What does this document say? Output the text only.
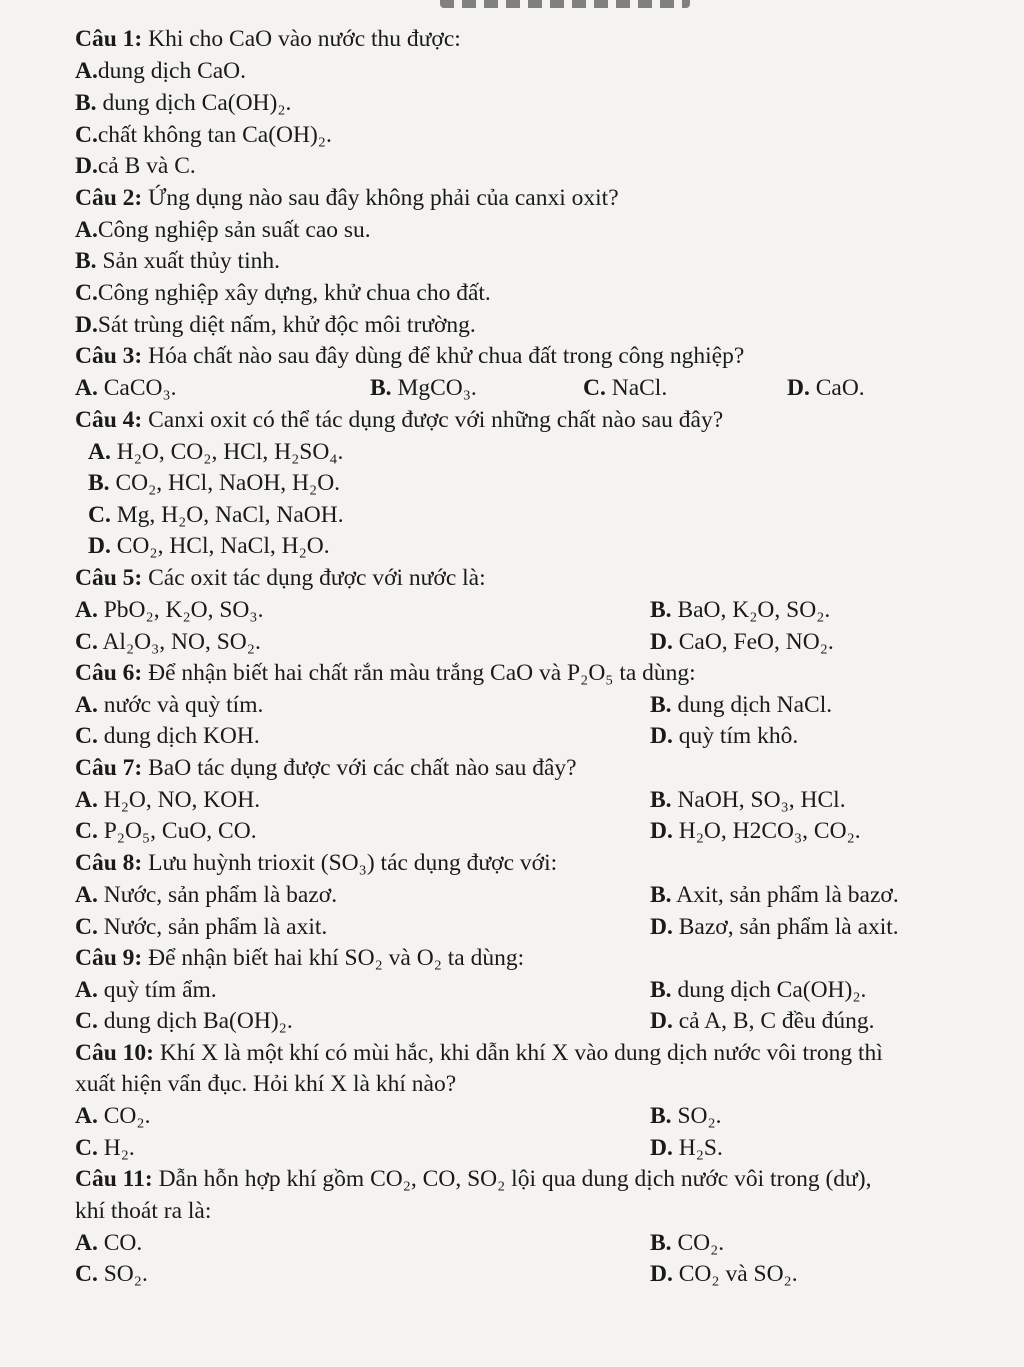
Câu 1: Khi cho CaO vào nước thu được:
A.dung dịch CaO.
B. dung dịch Ca(OH)₂.
C.chất không tan Ca(OH)₂.
D.cả B và C.
Câu 2: Ứng dụng nào sau đây không phải của canxi oxit?
A.Công nghiệp sản suất cao su.
B. Sản xuất thủy tinh.
C.Công nghiệp xây dựng, khử chua cho đất.
D.Sát trùng diệt nấm, khử độc môi trường.
Câu 3: Hóa chất nào sau đây dùng để khử chua đất trong công nghiệp?
A. CaCO₃.	B. MgCO₃.	C. NaCl.	D. CaO.
Câu 4: Canxi oxit có thể tác dụng được với những chất nào sau đây?
A. H₂O, CO₂, HCl, H₂SO₄.
B. CO₂, HCl, NaOH, H₂O.
C. Mg, H₂O, NaCl, NaOH.
D. CO₂, HCl, NaCl, H₂O.
Câu 5: Các oxit tác dụng được với nước là:
A. PbO₂, K₂O, SO₃.	B. BaO, K₂O, SO₂.
C. Al₂O₃, NO, SO₂.	D. CaO, FeO, NO₂.
Câu 6: Để nhận biết hai chất rắn màu trắng CaO và P₂O₅ ta dùng:
A. nước và quỳ tím.	B. dung dịch NaCl.
C. dung dịch KOH.	D. quỳ tím khô.
Câu 7: BaO tác dụng được với các chất nào sau đây?
A. H₂O, NO, KOH.	B. NaOH, SO₃, HCl.
C. P₂O₅, CuO, CO.	D. H₂O, H2CO₃, CO₂.
Câu 8: Lưu huỳnh trioxit (SO₃) tác dụng được với:
A. Nước, sản phẩm là bazơ.	B. Axit, sản phẩm là bazơ.
C. Nước, sản phẩm là axit.	D. Bazơ, sản phẩm là axit.
Câu 9: Để nhận biết hai khí SO₂ và O₂ ta dùng:
A. quỳ tím ẩm.	B. dung dịch Ca(OH)₂.
C. dung dịch Ba(OH)₂.	D. cả A, B, C đều đúng.
Câu 10: Khí X là một khí có mùi hắc, khi dẫn khí X vào dung dịch nước vôi trong thì
xuất hiện vẩn đục. Hỏi khí X là khí nào?
A. CO₂.	B. SO₂.
C. H₂.	D. H₂S.
Câu 11: Dẫn hỗn hợp khí gồm CO₂, CO, SO₂ lội qua dung dịch nước vôi trong (dư),
khí thoát ra là:
A. CO.	B. CO₂.
C. SO₂.	D. CO₂ và SO₂.
